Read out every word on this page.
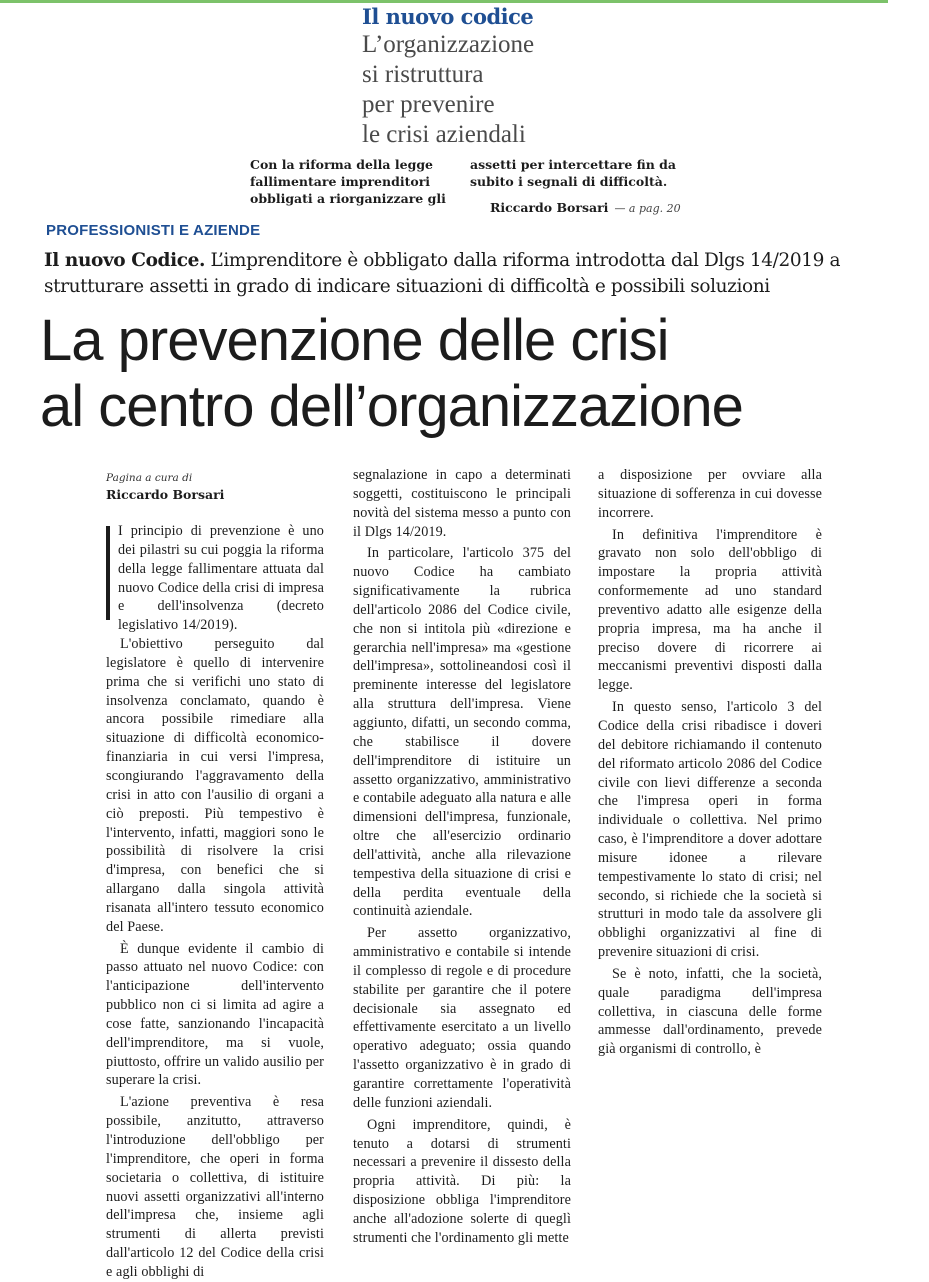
Il nuovo codice

L’organizzazione

si ristruttura

per prevenire

le crisi aziendali

Con la riforma della legge fallimentare imprenditori obbligati a riorganizzare gli
assetti per intercettare fin da subito i segnali di difficoltà.
Riccardo Borsari — a pag. 20
PROFESSIONISTI E AZIENDE

Il nuovo Codice. L’imprenditore è obbligato dalla riforma introdotta dal Dlgs 14/2019 a strutturare assetti in grado di indicare situazioni di difficoltà e possibili soluzioni

La prevenzione delle crisi
al centro dell’organizzazione
Pagina a cura di
Riccardo Borsari

I principio di prevenzione è uno dei pilastri su cui poggia la riforma della legge fallimentare attuata dal nuovo Codice della crisi di impresa e dell'insolvenza (decreto legislativo 14/2019).

L'obiettivo perseguito dal legislatore è quello di intervenire prima che si verifichi uno stato di insolvenza conclamato, quando è ancora possibile rimediare alla situazione di difficoltà economico-finanziaria in cui versi l'impresa, scongiurando l'aggravamento della crisi in atto con l'ausilio di organi a ciò preposti. Più tempestivo è l'intervento, infatti, maggiori sono le possibilità di risolvere la crisi d'impresa, con benefici che si allargano dalla singola attività risanata all'intero tessuto economico del Paese.

È dunque evidente il cambio di passo attuato nel nuovo Codice: con l'anticipazione dell'intervento pubblico non ci si limita ad agire a cose fatte, sanzionando l'incapacità dell'imprenditore, ma si vuole, piuttosto, offrire un valido ausilio per superare la crisi.

L'azione preventiva è resa possibile, anzitutto, attraverso l'introduzione dell'obbligo per l'imprenditore, che operi in forma societaria o collettiva, di istituire nuovi assetti organizzativi all'interno dell'impresa che, insieme agli strumenti di allerta previsti dall'articolo 12 del Codice della crisi e agli obblighi di

segnalazione in capo a determinati soggetti, costituiscono le principali novità del sistema messo a punto con il Dlgs 14/2019.

In particolare, l'articolo 375 del nuovo Codice ha cambiato significativamente la rubrica dell'articolo 2086 del Codice civile, che non si intitola più «direzione e gerarchia nell'impresa» ma «gestione dell'impresa», sottolineandosi così il preminente interesse del legislatore alla struttura dell'impresa. Viene aggiunto, difatti, un secondo comma, che stabilisce il dovere dell'imprenditore di istituire un assetto organizzativo, amministrativo e contabile adeguato alla natura e alle dimensioni dell'impresa, funzionale, oltre che all'esercizio ordinario dell'attività, anche alla rilevazione tempestiva della situazione di crisi e della perdita eventuale della continuità aziendale.

Per assetto organizzativo, amministrativo e contabile si intende il complesso di regole e di procedure stabilite per garantire che il potere decisionale sia assegnato ed effettivamente esercitato a un livello operativo adeguato; ossia quando l'assetto organizzativo è in grado di garantire correttamente l'operatività delle funzioni aziendali.

Ogni imprenditore, quindi, è tenuto a dotarsi di strumenti necessari a prevenire il dissesto della propria attività. Di più: la disposizione obbliga l'imprenditore anche all'adozione solerte di queglì strumenti che l'ordinamento gli mette

a disposizione per ovviare alla situazione di sofferenza in cui dovesse incorrere.

In definitiva l'imprenditore è gravato non solo dell'obbligo di impostare la propria attività conformemente ad uno standard preventivo adatto alle esigenze della propria impresa, ma ha anche il preciso dovere di ricorrere ai meccanismi preventivi disposti dalla legge.

In questo senso, l'articolo 3 del Codice della crisi ribadisce i doveri del debitore richiamando il contenuto del riformato articolo 2086 del Codice civile con lievi differenze a seconda che l'impresa operi in forma individuale o collettiva. Nel primo caso, è l'imprenditore a dover adottare misure idonee a rilevare tempestivamente lo stato di crisi; nel secondo, si richiede che la società si strutturi in modo tale da assolvere gli obblighi organizzativi al fine di prevenire situazioni di crisi.

Se è noto, infatti, che la società, quale paradigma dell'impresa collettiva, in ciascuna delle forme ammesse dall'ordinamento, prevede già organismi di controllo, è
